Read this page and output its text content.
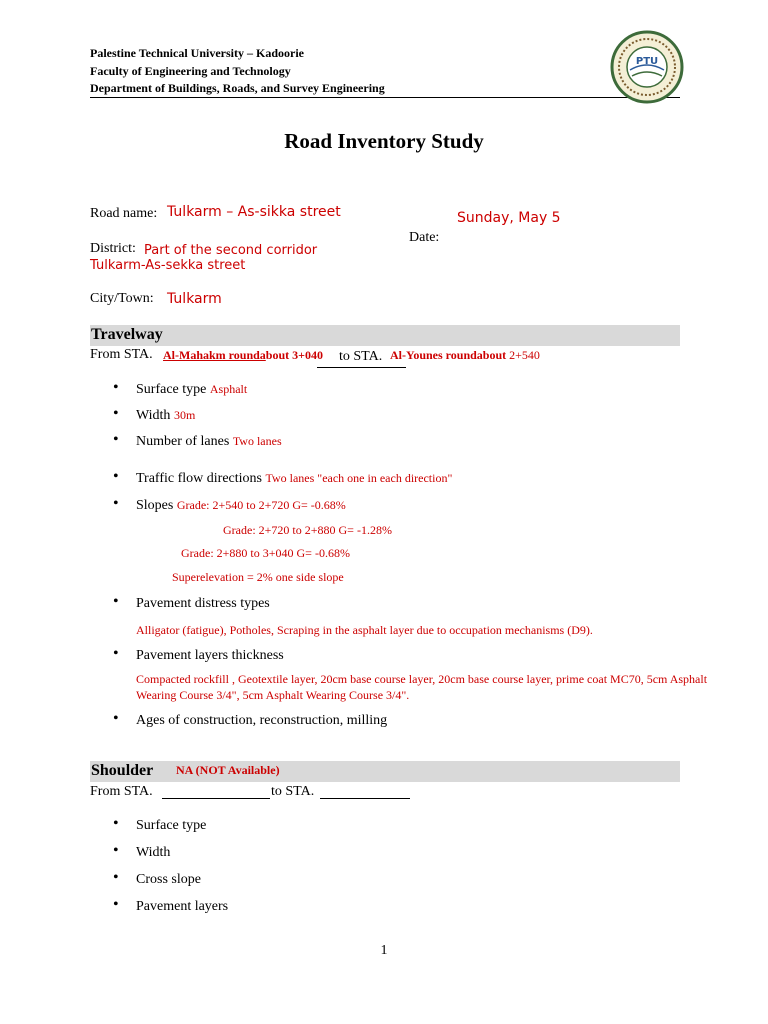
Palestine Technical University – Kadoorie
Faculty of Engineering and Technology
Department of Buildings, Roads, and Survey Engineering
PTU
Road Inventory Study
Road name: Tulkarm – As-sikka street	Sunday, May 5
Date:
District: Part of the second corridor
Tulkarm-As-sekka street
City/Town: Tulkarm
Travelway
From STA. Al-Mahakm roundabout 3+040 to STA. Al-Younes roundabout 2+540
• Surface type Asphalt
• Width 30m
• Number of lanes Two lanes
• Traffic flow directions Two lanes "each one in each direction"
• Slopes Grade: 2+540 to 2+720 G= -0.68%
Grade: 2+720 to 2+880 G= -1.28%
Grade: 2+880 to 3+040 G= -0.68%
Superelevation = 2% one side slope
• Pavement distress types
Alligator (fatigue), Potholes, Scraping in the asphalt layer due to occupation mechanisms (D9).
• Pavement layers thickness
Compacted rockfill , Geotextile layer, 20cm base course layer, 20cm base course layer, prime coat MC70, 5cm Asphalt
Wearing Course 3/4", 5cm Asphalt Wearing Course 3/4".
• Ages of construction, reconstruction, milling
Shoulder NA (NOT Available)
From STA.	to STA.
• Surface type
• Width
• Cross slope
• Pavement layers
1
